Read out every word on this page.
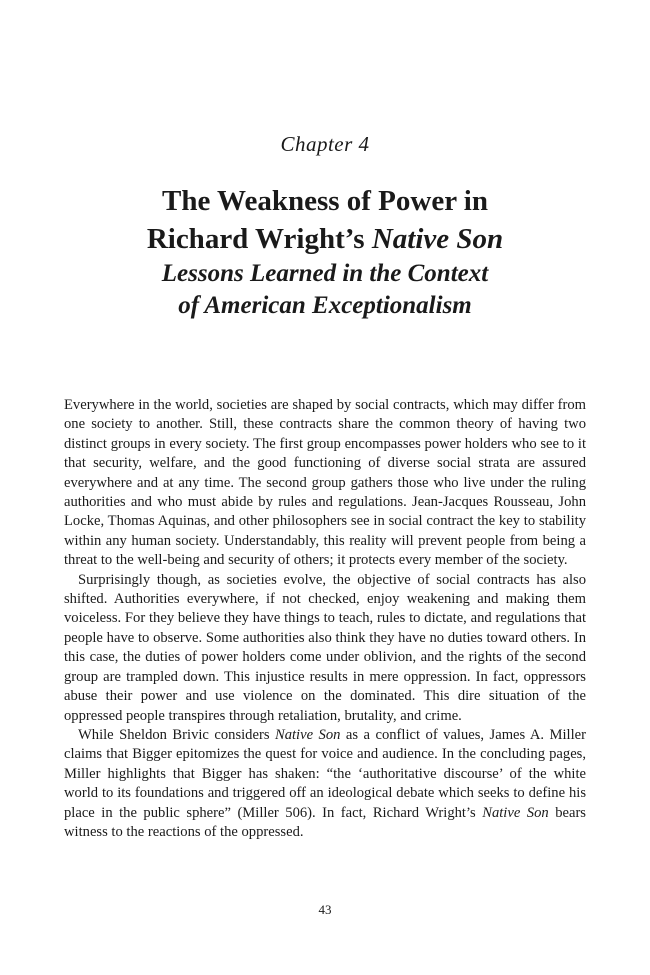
Chapter 4
The Weakness of Power in
Richard Wright’s Native Son
Lessons Learned in the Context
of American Exceptionalism

Everywhere in the world, societies are shaped by social contracts, which may differ from one society to another. Still, these contracts share the common theory of having two distinct groups in every society. The first group encompasses power holders who see to it that security, welfare, and the good functioning of diverse social strata are assured everywhere and at any time. The second group gathers those who live under the ruling authorities and who must abide by rules and regulations. Jean-Jacques Rousseau, John Locke, Thomas Aquinas, and other philosophers see in social contract the key to stability within any human society. Understandably, this reality will prevent people from being a threat to the well-being and security of others; it protects every member of the society.

Surprisingly though, as societies evolve, the objective of social contracts has also shifted. Authorities everywhere, if not checked, enjoy weakening and making them voiceless. For they believe they have things to teach, rules to dictate, and regulations that people have to observe. Some authorities also think they have no duties toward others. In this case, the duties of power holders come under oblivion, and the rights of the second group are trampled down. This injustice results in mere oppression. In fact, oppressors abuse their power and use violence on the dominated. This dire situation of the oppressed people transpires through retaliation, brutality, and crime.

While Sheldon Brivic considers Native Son as a conflict of values, James A. Miller claims that Bigger epitomizes the quest for voice and audience. In the concluding pages, Miller highlights that Bigger has shaken: “the ‘authoritative discourse’ of the white world to its foundations and triggered off an ideological debate which seeks to define his place in the public sphere” (Miller 506). In fact, Richard Wright’s Native Son bears witness to the reactions of the oppressed.

43
